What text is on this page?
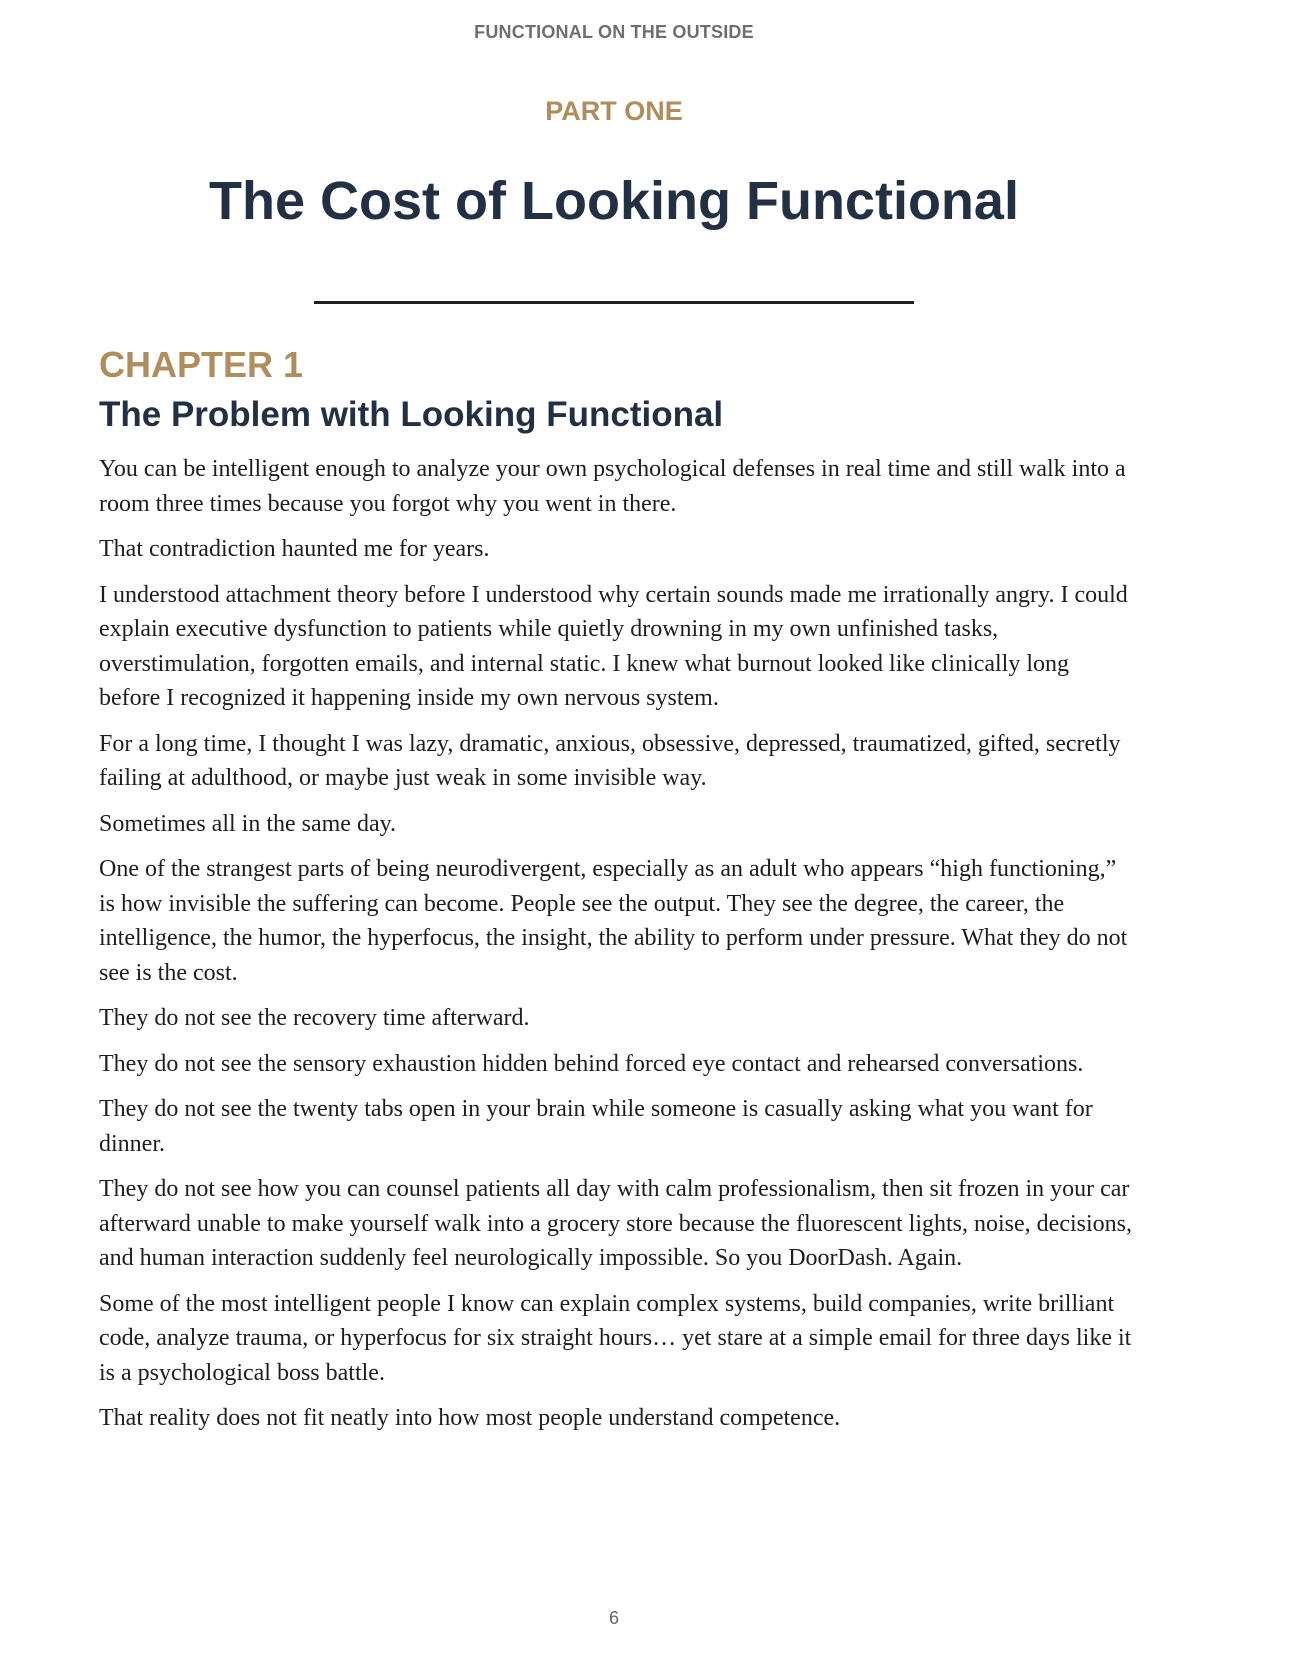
FUNCTIONAL ON THE OUTSIDE
PART ONE
The Cost of Looking Functional
CHAPTER 1
The Problem with Looking Functional

You can be intelligent enough to analyze your own psychological defenses in real time and still walk into a room three times because you forgot why you went in there.

That contradiction haunted me for years.

I understood attachment theory before I understood why certain sounds made me irrationally angry. I could explain executive dysfunction to patients while quietly drowning in my own unfinished tasks, overstimulation, forgotten emails, and internal static. I knew what burnout looked like clinically long before I recognized it happening inside my own nervous system.

For a long time, I thought I was lazy, dramatic, anxious, obsessive, depressed, traumatized, gifted, secretly failing at adulthood, or maybe just weak in some invisible way.

Sometimes all in the same day.

One of the strangest parts of being neurodivergent, especially as an adult who appears “high functioning,” is how invisible the suffering can become. People see the output. They see the degree, the career, the intelligence, the humor, the hyperfocus, the insight, the ability to perform under pressure. What they do not see is the cost.

They do not see the recovery time afterward.

They do not see the sensory exhaustion hidden behind forced eye contact and rehearsed conversations.

They do not see the twenty tabs open in your brain while someone is casually asking what you want for dinner.

They do not see how you can counsel patients all day with calm professionalism, then sit frozen in your car afterward unable to make yourself walk into a grocery store because the fluorescent lights, noise, decisions, and human interaction suddenly feel neurologically impossible. So you DoorDash. Again.

Some of the most intelligent people I know can explain complex systems, build companies, write brilliant code, analyze trauma, or hyperfocus for six straight hours… yet stare at a simple email for three days like it is a psychological boss battle.

That reality does not fit neatly into how most people understand competence.

6
